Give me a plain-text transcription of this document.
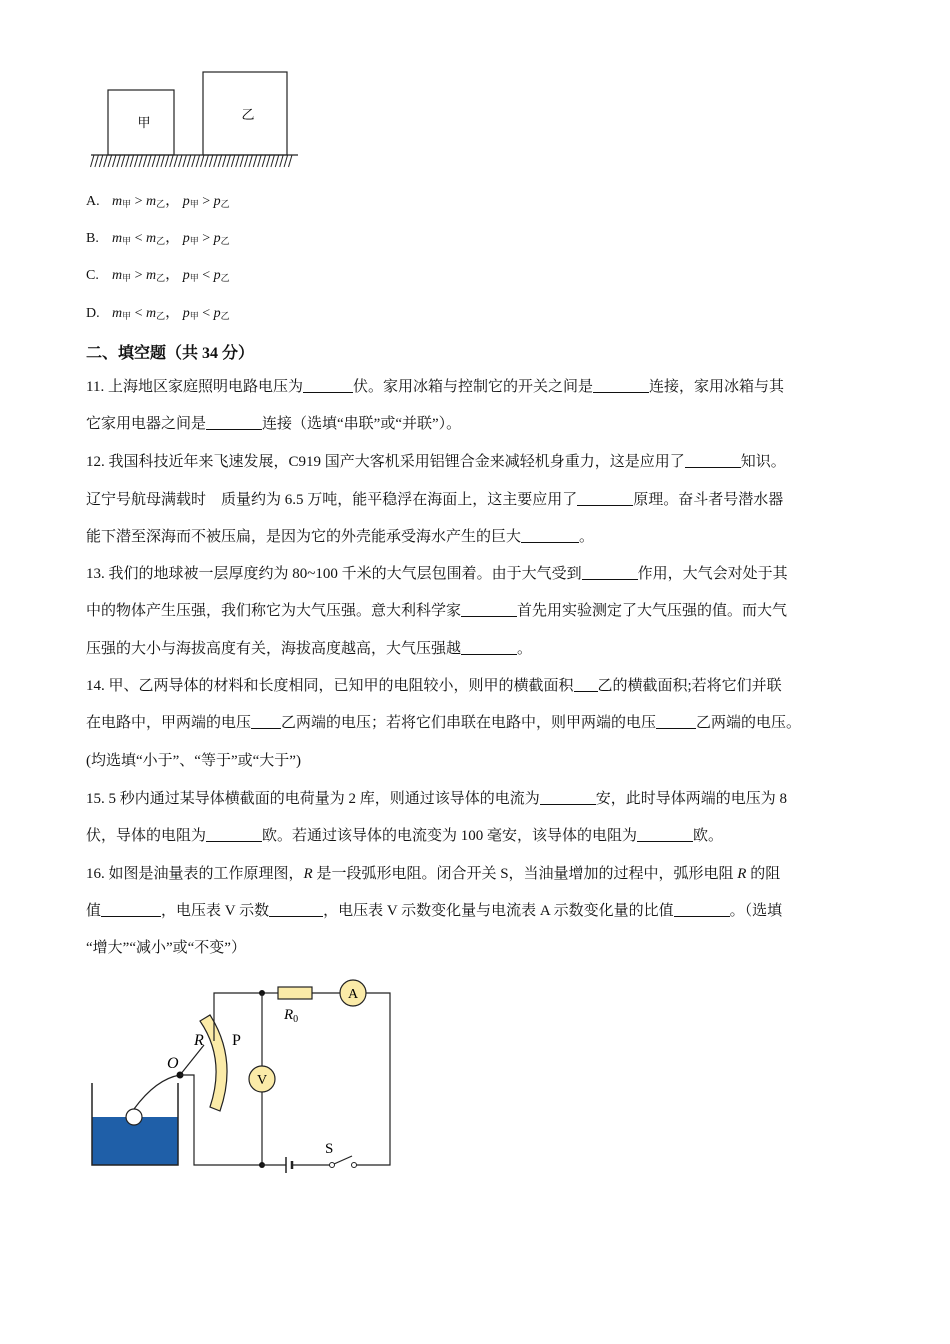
甲
乙
A. $m_甲 > m_乙$， $p_甲 > p_乙$
B. $m_甲 < m_乙$， $p_甲 > p_乙$
C. $m_甲 > m_乙$， $p_甲 < p_乙$
D. $m_甲 < m_乙$， $p_甲 < p_乙$
二、填空题（共 34 分）
11. 上海地区家庭照明电路电压为	伏。家用冰箱与控制它的开关之间是	连接，家用冰箱与其
它家用电器之间是	连接（选填“串联”或“并联”）。
12. 我国科技近年来飞速发展，C919 国产大客机采用铝锂合金来减轻机身重力，这是应用了	知识。
辽宁号航母满载时　质量约为 6.5 万吨，能平稳浮在海面上，这主要应用了	原理。奋斗者号潜水器
能下潜至深海而不被压扁，是因为它的外壳能承受海水产生的巨大	。
13. 我们的地球被一层厚度约为 80~100 千米的大气层包围着。由于大气受到	作用，大气会对处于其
中的物体产生压强，我们称它为大气压强。意大利科学家	首先用实验测定了大气压强的值。而大气
压强的大小与海拔高度有关，海拔高度越高，大气压强越	。
14. 甲、乙两导体的材料和长度相同，已知甲的电阻较小，则甲的横截面积 乙的横截面积;若将它们并联
在电路中，甲两端的电压 乙两端的电压；若将它们串联在电路中，则甲两端的电压	乙两端的电压。
(均选填“小于”、“等于”或“大于”)
15. 5 秒内通过某导体横截面的电荷量为 2 库，则通过该导体的电流为	安，此时导体两端的电压为 8
伏，导体的电阻为	欧。若通过该导体的电流变为 100 毫安，该导体的电阻为	欧。
16. 如图是油量表的工作原理图，R 是一段弧形电阻。闭合开关 S，当油量增加的过程中，弧形电阻 R 的阻
值	，电压表 V 示数	，电压表 V 示数变化量与电流表 A 示数变化量的比值	。（选填
“增大”“减小”或“不变”）
R P
O
$R_0$
A
V
S
